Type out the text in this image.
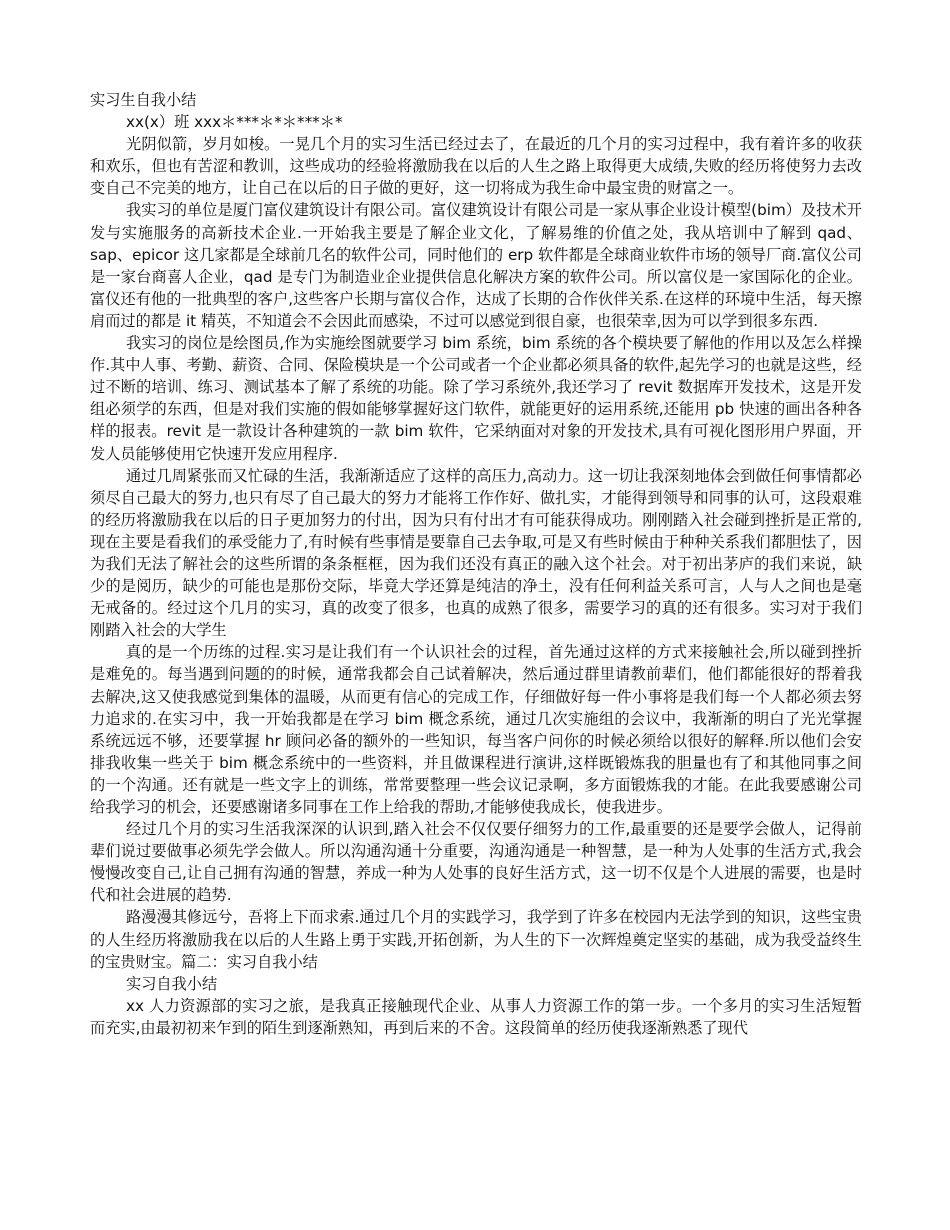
实习生自我小结

xx(x）班 xxx＊***＊*＊***＊*

光阴似箭，岁月如梭。一晃几个月的实习生活已经过去了，在最近的几个月的实习过程中，我有着许多的收获和欢乐，但也有苦涩和教训，这些成功的经验将激励我在以后的人生之路上取得更大成绩,失败的经历将使努力去改变自己不完美的地方，让自己在以后的日子做的更好，这一切将成为我生命中最宝贵的财富之一。

我实习的单位是厦门富仪建筑设计有限公司。富仪建筑设计有限公司是一家从事企业设计模型(bim）及技术开发与实施服务的高新技术企业.一开始我主要是了解企业文化，了解易维的价值之处，我从培训中了解到 qad、sap、epicor 这几家都是全球前几名的软件公司，同时他们的 erp 软件都是全球商业软件市场的领导厂商.富仪公司是一家台商喜人企业，qad 是专门为制造业企业提供信息化解决方案的软件公司。所以富仪是一家国际化的企业。富仪还有他的一批典型的客户,这些客户长期与富仪合作，达成了长期的合作伙伴关系.在这样的环境中生活，每天擦肩而过的都是 it 精英，不知道会不会因此而感染，不过可以感觉到很自豪，也很荣幸,因为可以学到很多东西.

我实习的岗位是绘图员,作为实施绘图就要学习 bim 系统，bim 系统的各个模块要了解他的作用以及怎么样操作.其中人事、考勤、薪资、合同、保险模块是一个公司或者一个企业都必须具备的软件,起先学习的也就是这些，经过不断的培训、练习、测试基本了解了系统的功能。除了学习系统外,我还学习了 revit 数据库开发技术，这是开发组必须学的东西，但是对我们实施的假如能够掌握好这门软件，就能更好的运用系统,还能用 pb 快速的画出各种各样的报表。revit 是一款设计各种建筑的一款 bim 软件，它采纳面对对象的开发技术,具有可视化图形用户界面，开发人员能够使用它快速开发应用程序.

通过几周紧张而又忙碌的生活，我渐渐适应了这样的高压力,高动力。这一切让我深刻地体会到做任何事情都必须尽自己最大的努力,也只有尽了自己最大的努力才能将工作作好、做扎实，才能得到领导和同事的认可，这段艰难的经历将激励我在以后的日子更加努力的付出，因为只有付出才有可能获得成功。刚刚踏入社会碰到挫折是正常的,现在主要是看我们的承受能力了,有时候有些事情是要靠自己去争取,可是又有些时候由于种种关系我们都胆怯了，因为我们无法了解社会的这些所谓的条条框框，因为我们还没有真正的融入这个社会。对于初出茅庐的我们来说，缺少的是阅历，缺少的可能也是那份交际，毕竟大学还算是纯洁的净土，没有任何利益关系可言，人与人之间也是毫无戒备的。经过这个几月的实习，真的改变了很多，也真的成熟了很多，需要学习的真的还有很多。实习对于我们刚踏入社会的大学生

真的是一个历练的过程.实习是让我们有一个认识社会的过程，首先通过这样的方式来接触社会,所以碰到挫折是难免的。每当遇到问题的的时候，通常我都会自己试着解决，然后通过群里请教前辈们，他们都能很好的帮着我去解决,这又使我感觉到集体的温暖，从而更有信心的完成工作，仔细做好每一件小事将是我们每一个人都必须去努力追求的.在实习中，我一开始我都是在学习 bim 概念系统，通过几次实施组的会议中，我渐渐的明白了光光掌握系统远远不够，还要掌握 hr 顾问必备的额外的一些知识，每当客户问你的时候必须给以很好的解释.所以他们会安排我收集一些关于 bim 概念系统中的一些资料，并且做课程进行演讲,这样既锻炼我的胆量也有了和其他同事之间的一个沟通。还有就是一些文字上的训练，常常要整理一些会议记录啊，多方面锻炼我的才能。在此我要感谢公司给我学习的机会，还要感谢诸多同事在工作上给我的帮助,才能够使我成长，使我进步。

经过几个月的实习生活我深深的认识到,踏入社会不仅仅要仔细努力的工作,最重要的还是要学会做人，记得前辈们说过要做事必须先学会做人。所以沟通沟通十分重要，沟通沟通是一种智慧，是一种为人处事的生活方式,我会慢慢改变自己,让自己拥有沟通的智慧，养成一种为人处事的良好生活方式，这一切不仅是个人进展的需要，也是时代和社会进展的趋势.

路漫漫其修远兮，吾将上下而求索.通过几个月的实践学习，我学到了许多在校园内无法学到的知识，这些宝贵的人生经历将激励我在以后的人生路上勇于实践,开拓创新，为人生的下一次辉煌奠定坚实的基础，成为我受益终生的宝贵财宝。篇二：实习自我小结

实习自我小结

xx 人力资源部的实习之旅，是我真正接触现代企业、从事人力资源工作的第一步。一个多月的实习生活短暂而充实,由最初初来乍到的陌生到逐渐熟知，再到后来的不舍。这段简单的经历使我逐渐熟悉了现代
